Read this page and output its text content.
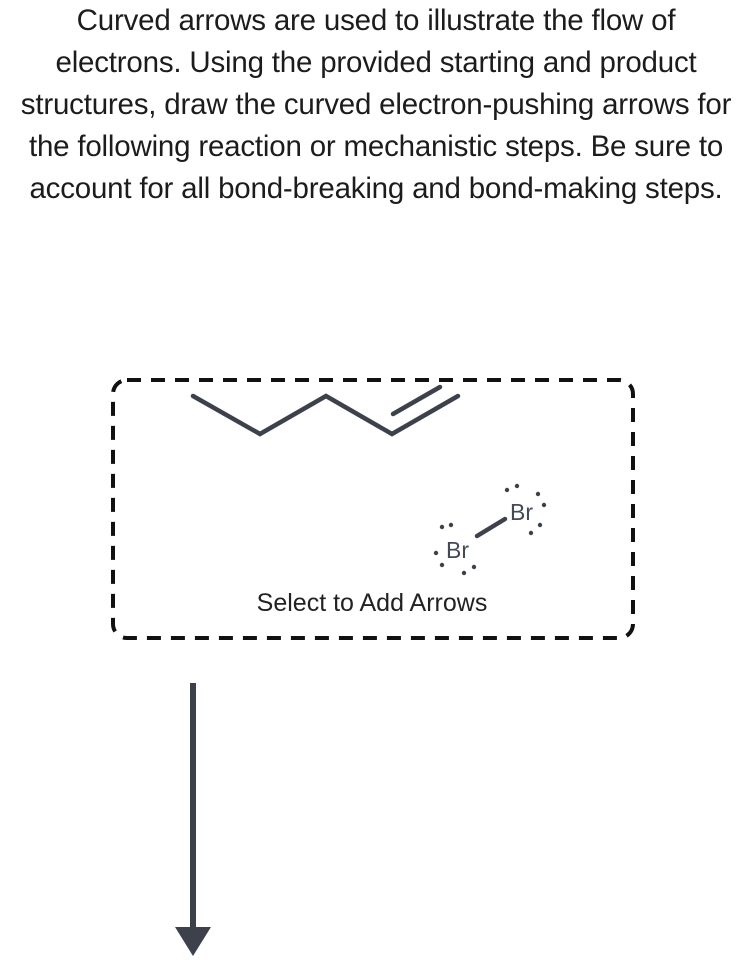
Curved arrows are used to illustrate the flow of electrons. Using the provided starting and product structures, draw the curved electron-pushing arrows for the following reaction or mechanistic steps. Be sure to account for all bond-breaking and bond-making steps.

Br
Br
Select to Add Arrows
